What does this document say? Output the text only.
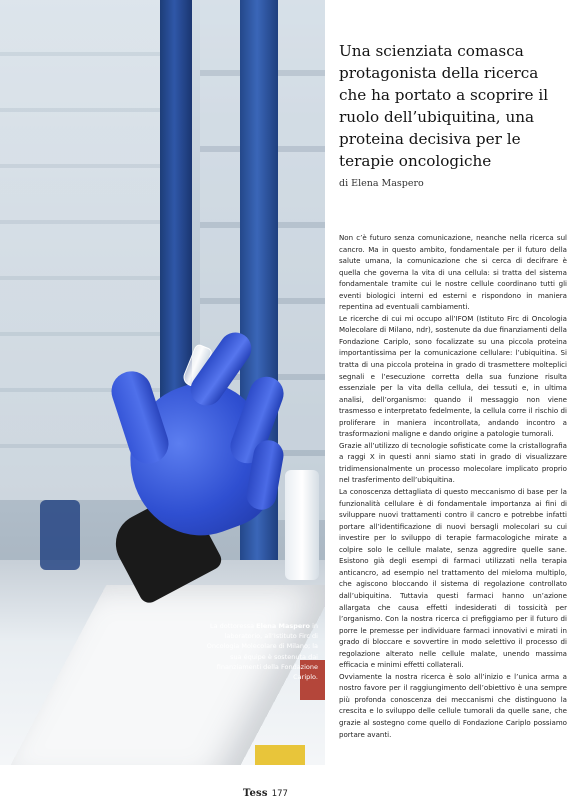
La dottoressa Elena Maspero in laboratorio, all’Istituto Firc di Oncologia Molecolare di Milano; la sua équipe è sostenuta dai finanziamenti della Fondazione Cariplo.
Una scienziata comasca protagonista della ricerca che ha portato a scoprire il ruolo dell’ubiquitina, una proteina decisiva per le terapie oncologiche

di Elena Maspero

Non c’è futuro senza comunicazione, neanche nella ricerca sul cancro. Ma in questo ambito, fondamentale per il futuro della salute umana, la comunicazione che si cerca di decifrare è quella che governa la vita di una cellula: si tratta del sistema fondamentale tramite cui le nostre cellule coordinano tutti gli eventi biologici interni ed esterni e rispondono in maniera repentina ad eventuali cambiamenti.

Le ricerche di cui mi occupo all’IFOM (Istituto Firc di Oncologia Molecolare di Milano, ndr), sostenute da due finanziamenti della Fondazione Cariplo, sono focalizzate su una piccola proteina importantissima per la comunicazione cellulare: l’ubiquitina. Si tratta di una piccola proteina in grado di trasmettere molteplici segnali e l’esecuzione corretta della sua funzione risulta essenziale per la vita della cellula, dei tessuti e, in ultima analisi, dell’organismo: quando il messaggio non viene trasmesso e interpretato fedelmente, la cellula corre il rischio di proliferare in maniera incontrollata, andando incontro a trasformazioni maligne e dando origine a patologie tumorali.

Grazie all’utilizzo di tecnologie sofisticate come la cristallografia a raggi X in questi anni siamo stati in grado di visualizzare tridimensionalmente un processo molecolare implicato proprio nel trasferimento dell’ubiquitina.

La conoscenza dettagliata di questo meccanismo di base per la funzionalità cellulare è di fondamentale importanza ai fini di sviluppare nuovi trattamenti contro il cancro e potrebbe infatti portare all’identificazione di nuovi bersagli molecolari su cui investire per lo sviluppo di terapie farmacologiche mirate a colpire solo le cellule malate, senza aggredire quelle sane. Esistono già degli esempi di farmaci utilizzati nella terapia anticancro, ad esempio nel trattamento del mieloma multiplo, che agiscono bloccando il sistema di regolazione controllato dall’ubiquitina. Tuttavia questi farmaci hanno un’azione allargata che causa effetti indesiderati di tossicità per l’organismo. Con la nostra ricerca ci prefiggiamo per il futuro di porre le premesse per individuare farmaci innovativi e mirati in grado di bloccare e sovvertire in modo selettivo il processo di regolazione alterato nelle cellule malate, unendo massima efficacia e minimi effetti collaterali.

Ovviamente la nostra ricerca è solo all’inizio e l’unica arma a nostro favore per il raggiungimento dell’obiettivo è una sempre più profonda conoscenza dei meccanismi che distinguono la crescita e lo sviluppo delle cellule tumorali da quelle sane, che grazie al sostegno come quello di Fondazione Cariplo possiamo portare avanti.

Tess 177
